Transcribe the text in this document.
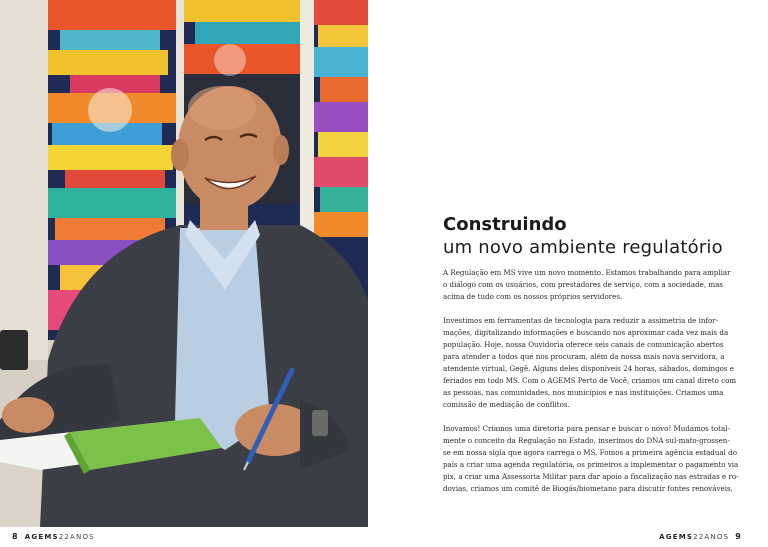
Construindo
um novo ambiente regulatório

A Regulação em MS vive um novo momento. Estamos trabalhando para ampliar
o diálogo com os usuários, com prestadores de serviço, com a sociedade, mas
acima de tudo com os nossos próprios servidores.

Investimos em ferramentas de tecnologia para reduzir a assimetria de infor-
mações, digitalizando informações e buscando nos aproximar cada vez mais da
população. Hoje, nossa Ouvidoria oferece seis canais de comunicação abertos
para atender a todos que nos procuram, além da nossa mais nova servidora, a
atendente virtual, Gegê. Alguns deles disponíveis 24 horas, sábados, domingos e
feriados em todo MS. Com o AGEMS Perto de Você, criamos um canal direto com
as pessoas, nas comunidades, nos municípios e nas instituições. Criamos uma
comissão de mediação de conflitos.

Inovamos! Criamos uma diretoria para pensar e buscar o novo! Mudamos total-
mente o conceito da Regulação no Estado, inserimos do DNA sul-mato-grossen-
se em nossa sigla que agora carrega o MS. Fomos a primeira agência estadual do
país a criar uma agenda regulatória, os primeiros a implementar o pagamento via
pix, a criar uma Assessoria Militar para dar apoio a fiscalização nas estradas e ro-
dovias, criamos um comitê de Biogás/biometano para discutir fontes renováveis,

8 AGEMS22ANOS	AGEMS22ANOS 9
